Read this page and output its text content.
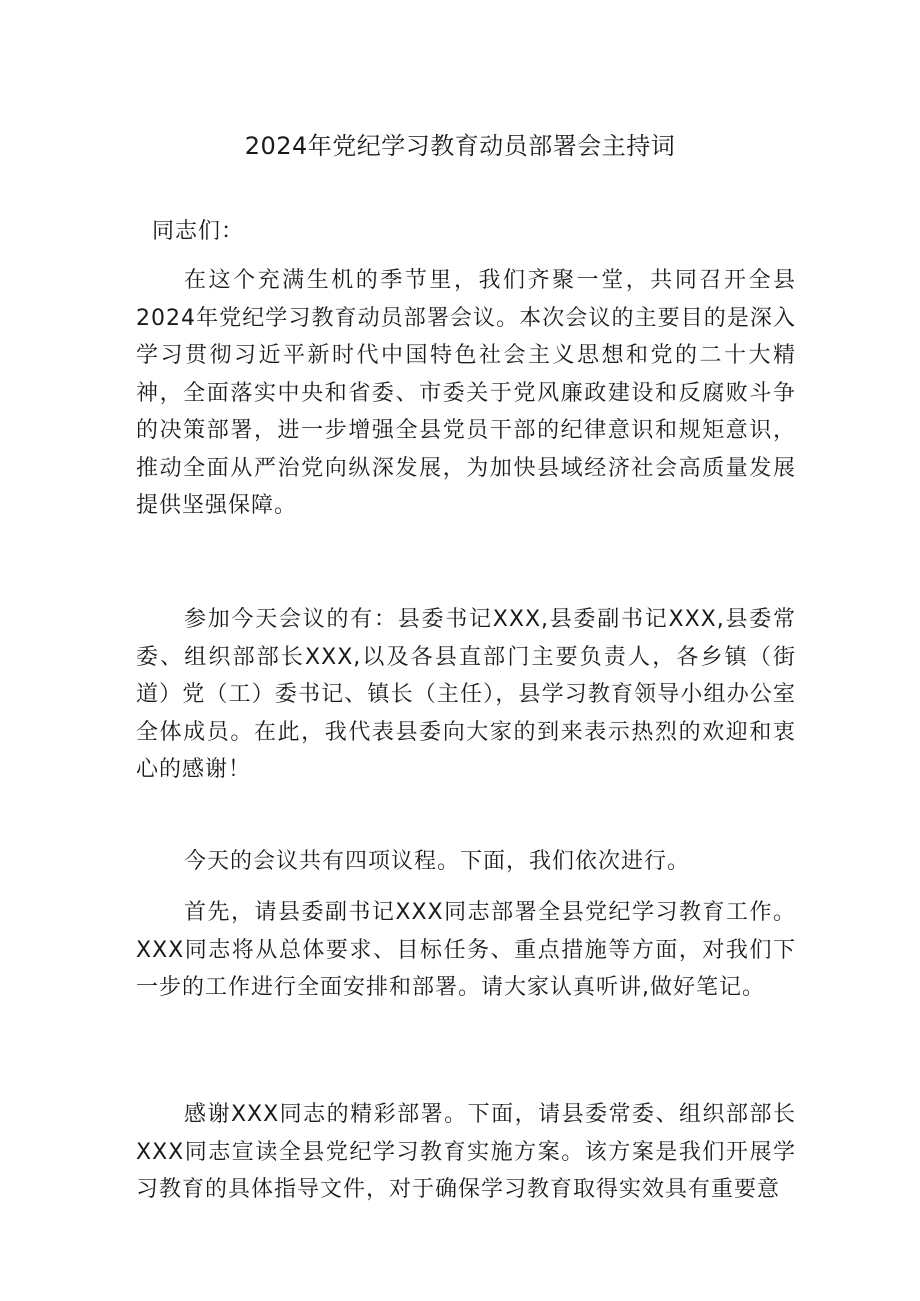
2024年党纪学习教育动员部署会主持词

同志们：

在这个充满生机的季节里，我们齐聚一堂，共同召开全县2024年党纪学习教育动员部署会议。本次会议的主要目的是深入学习贯彻习近平新时代中国特色社会主义思想和党的二十大精神，全面落实中央和省委、市委关于党风廉政建设和反腐败斗争的决策部署，进一步增强全县党员干部的纪律意识和规矩意识，推动全面从严治党向纵深发展，为加快县域经济社会高质量发展提供坚强保障。

参加今天会议的有：县委书记XXX,县委副书记XXX,县委常委、组织部部长XXX,以及各县直部门主要负责人，各乡镇（街道）党（工）委书记、镇长（主任），县学习教育领导小组办公室全体成员。在此，我代表县委向大家的到来表示热烈的欢迎和衷心的感谢！

今天的会议共有四项议程。下面，我们依次进行。

首先，请县委副书记XXX同志部署全县党纪学习教育工作。XXX同志将从总体要求、目标任务、重点措施等方面，对我们下一步的工作进行全面安排和部署。请大家认真听讲,做好笔记。

感谢XXX同志的精彩部署。下面，请县委常委、组织部部长XXX同志宣读全县党纪学习教育实施方案。该方案是我们开展学习教育的具体指导文件，对于确保学习教育取得实效具有重要意
